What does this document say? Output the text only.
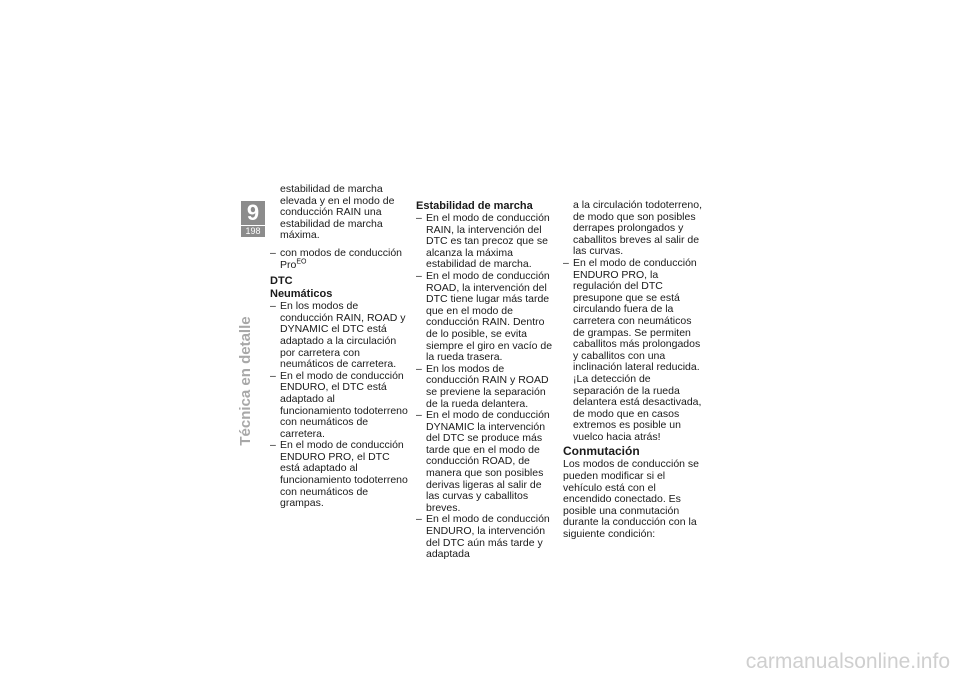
9
198
Técnica en detalle

estabilidad de marcha elevada y en el modo de conducción RAIN una estabilidad de marcha máxima.

– con modos de conducción Pro$^{EO}$

DTC

Neumáticos

– En los modos de conducción RAIN, ROAD y DYNAMIC el DTC está adaptado a la circulación por carretera con neumáticos de carretera.
– En el modo de conducción ENDURO, el DTC está adaptado al funcionamiento todoterreno con neumáticos de carretera.
– En el modo de conducción ENDURO PRO, el DTC está adaptado al funcionamiento todoterreno con neumáticos de grampas.

Estabilidad de marcha

– En el modo de conducción RAIN, la intervención del DTC es tan precoz que se alcanza la máxima estabilidad de marcha.
– En el modo de conducción ROAD, la intervención del DTC tiene lugar más tarde que en el modo de conducción RAIN. Dentro de lo posible, se evita siempre el giro en vacío de la rueda trasera.
– En los modos de conducción RAIN y ROAD se previene la separación de la rueda delantera.
– En el modo de conducción DYNAMIC la intervención del DTC se produce más tarde que en el modo de conducción ROAD, de manera que son posibles derivas ligeras al salir de las curvas y caballitos breves.
– En el modo de conducción ENDURO, la intervención del DTC aún más tarde y adaptada

a la circulación todoterreno, de modo que son posibles derrapes prolongados y caballitos breves al salir de las curvas.

– En el modo de conducción ENDURO PRO, la regulación del DTC presupone que se está circulando fuera de la carretera con neumáticos de grampas. Se permiten caballitos más prolongados y caballitos con una inclinación lateral reducida. ¡La detección de separación de la rueda delantera está desactivada, de modo que en casos extremos es posible un vuelco hacia atrás!

Conmutación

Los modos de conducción se pueden modificar si el vehículo está con el encendido conectado. Es posible una conmutación durante la conducción con la siguiente condición:

carmanualsonline.info
